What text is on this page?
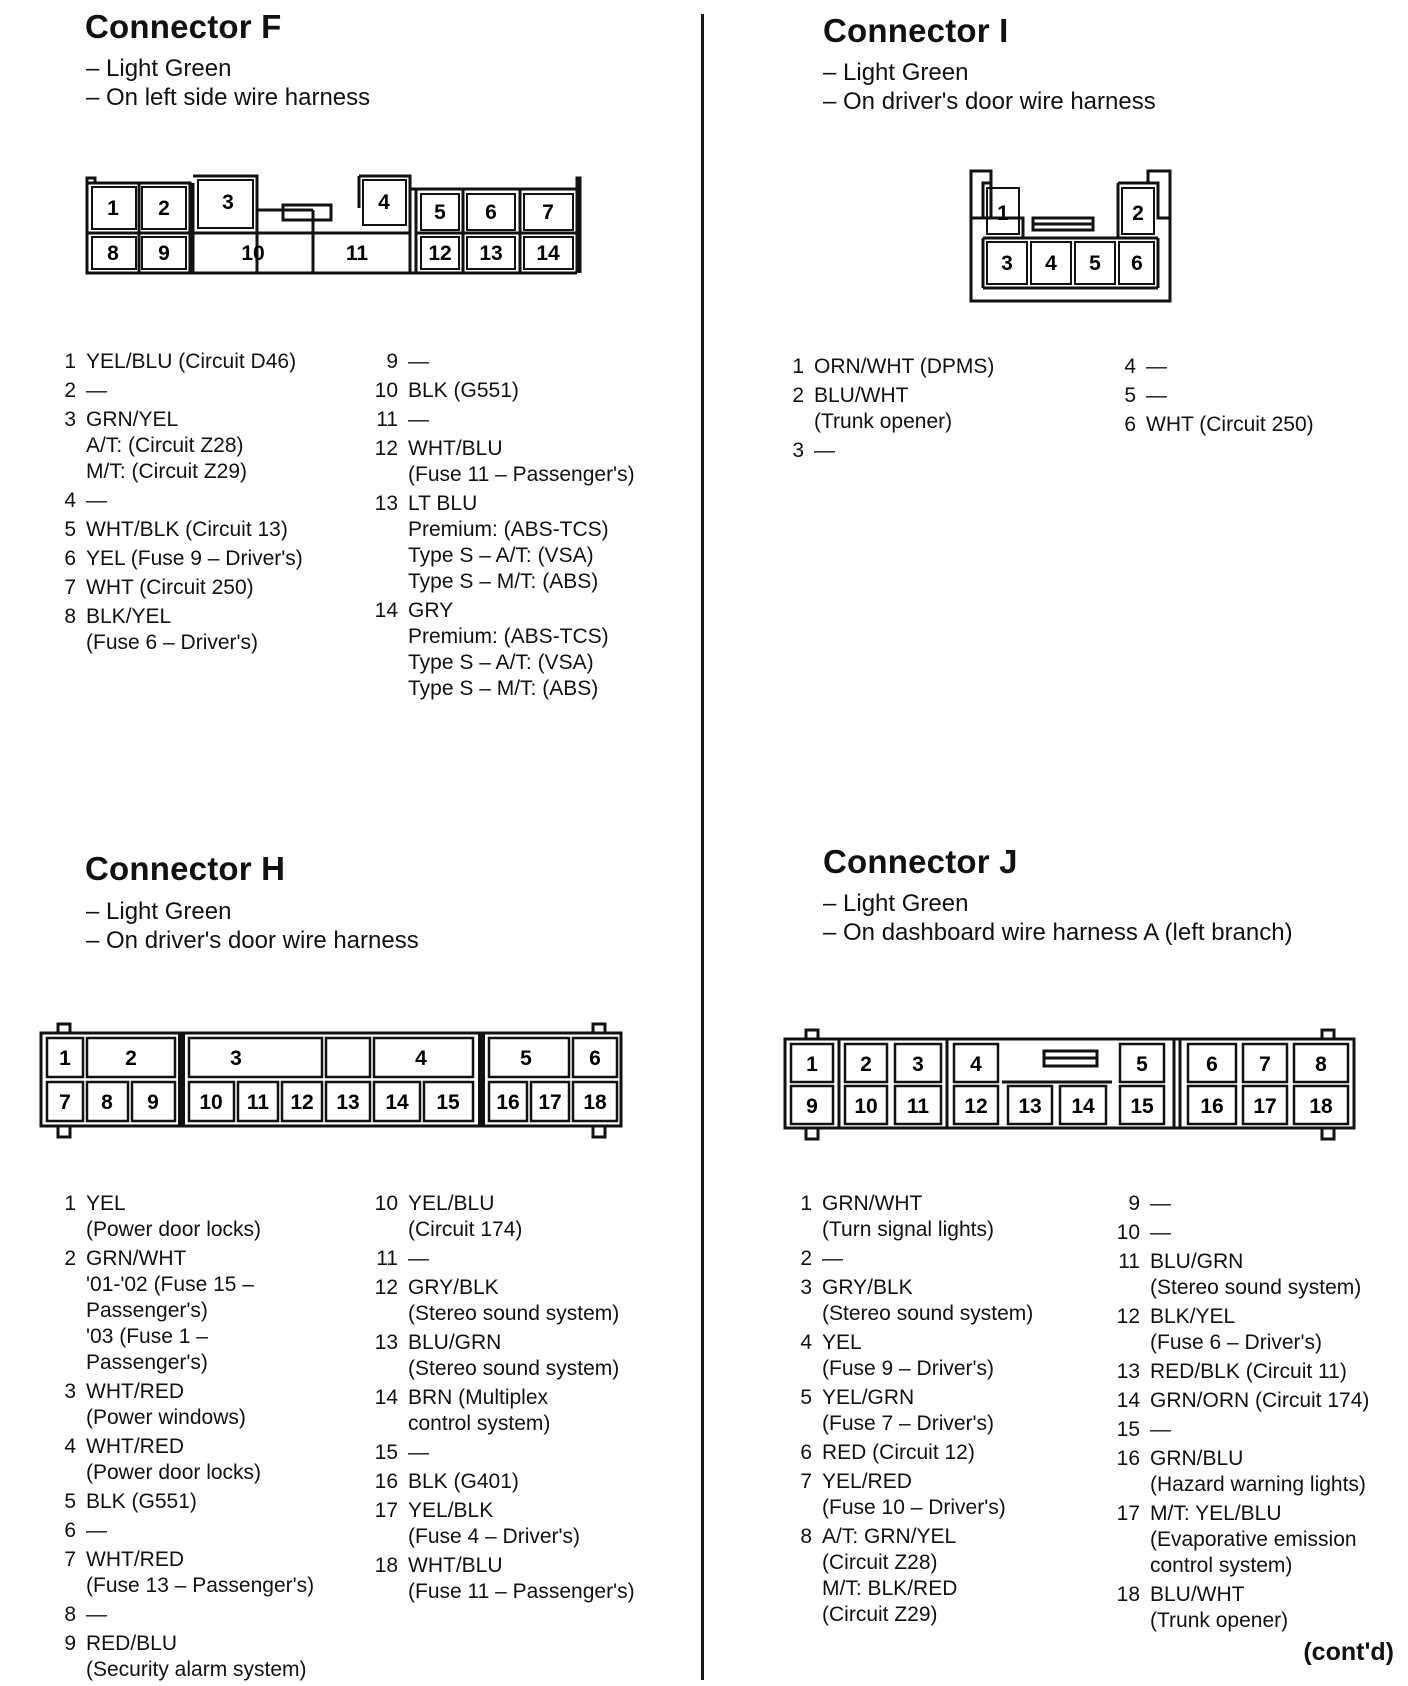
Connector F
– Light Green
– On left side wire harness
1 2 3	4 5 6 7
8 9	10	11	12 13 14
1 YEL/BLU (Circuit D46)
2 —
3 GRN/YEL
A/T: (Circuit Z28)
M/T: (Circuit Z29)
4 —
5 WHT/BLK (Circuit 13)
6 YEL (Fuse 9 – Driver's)
7 WHT (Circuit 250)
8 BLK/YEL
(Fuse 6 – Driver's)
9 —
10 BLK (G551)
11 —
12 WHT/BLU
(Fuse 11 – Passenger's)
13 LT BLU
Premium: (ABS-TCS)
Type S – A/T: (VSA)
Type S – M/T: (ABS)
14 GRY
Premium: (ABS-TCS)
Type S – A/T: (VSA)
Type S – M/T: (ABS)
Connector I
– Light Green
– On driver's door wire harness
1	2
3 4 5 6
1 ORN/WHT (DPMS)
2 BLU/WHT
(Trunk opener)
3 —
4 —
5 —
6 WHT (Circuit 250)
Connector H
– Light Green
– On driver's door wire harness
1	2	3	4	5	6
7 8 9 10 11 12 13 14 15 16 17 18
1 YEL
(Power door locks)
2 GRN/WHT
'01-'02 (Fuse 15 –
Passenger's)
'03 (Fuse 1 –
Passenger's)
3 WHT/RED
(Power windows)
4 WHT/RED
(Power door locks)
5 BLK (G551)
6 —
7 WHT/RED
(Fuse 13 – Passenger's)
8 —
9 RED/BLU
(Security alarm system)
10 YEL/BLU
(Circuit 174)
11 —
12 GRY/BLK
(Stereo sound system)
13 BLU/GRN
(Stereo sound system)
14 BRN (Multiplex
control system)
15 —
16 BLK (G401)
17 YEL/BLK
(Fuse 4 – Driver's)
18 WHT/BLU
(Fuse 11 – Passenger's)
Connector J
– Light Green
– On dashboard wire harness A (left branch)
1 2 3 4	5	6 7 8
9 10 11 12 13 14 15 16 17 18
1 GRN/WHT
(Turn signal lights)
2 —
3 GRY/BLK
(Stereo sound system)
4 YEL
(Fuse 9 – Driver's)
5 YEL/GRN
(Fuse 7 – Driver's)
6 RED (Circuit 12)
7 YEL/RED
(Fuse 10 – Driver's)
8 A/T: GRN/YEL
(Circuit Z28)
M/T: BLK/RED
(Circuit Z29)
9 —
10 —
11 BLU/GRN
(Stereo sound system)
12 BLK/YEL
(Fuse 6 – Driver's)
13 RED/BLK (Circuit 11)
14 GRN/ORN (Circuit 174)
15 —
16 GRN/BLU
(Hazard warning lights)
17 M/T: YEL/BLU
(Evaporative emission
control system)
18 BLU/WHT
(Trunk opener)
(cont'd)
